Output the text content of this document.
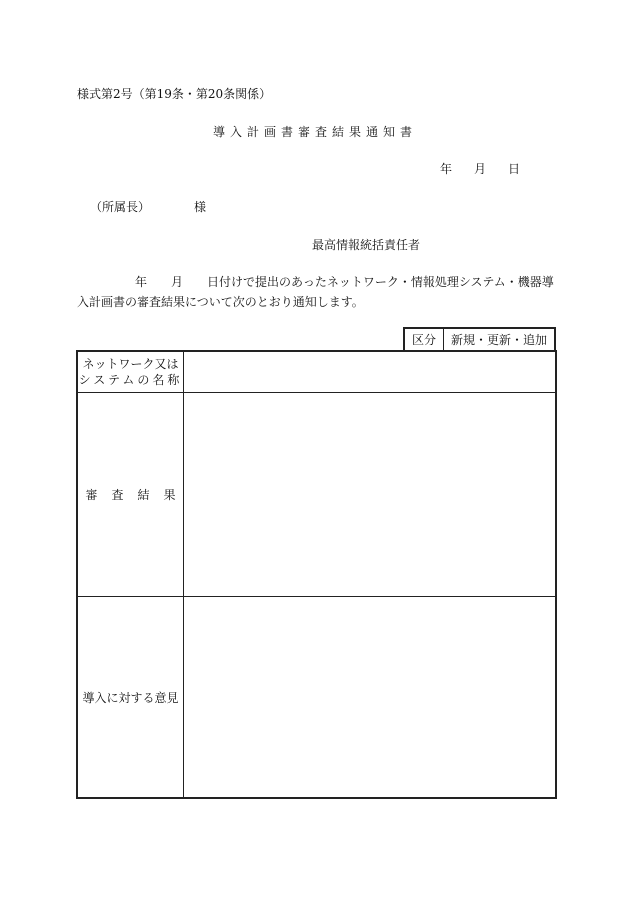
様式第2号（第19条・第20条関係）
導入計画書審査結果通知書
年 月 日
（所属長）	様
最高情報統括責任者
年 月 日付けで提出のあったネットワーク・情報処理システム・機器導入計画書の審査結果について次のとおり通知します。
区分	新規・更新・追加
ネットワーク又は
システムの名称
審査結果
導入に対する意見
